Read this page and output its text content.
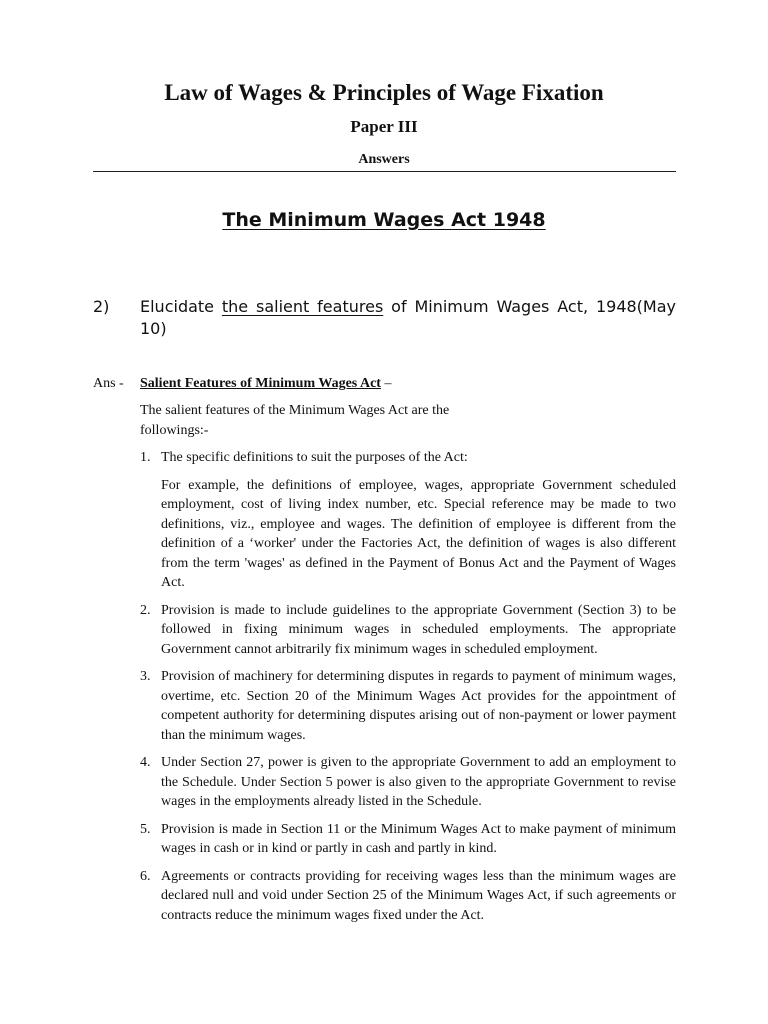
Law of Wages & Principles of Wage Fixation
Paper III
Answers
The Minimum Wages Act 1948
2) Elucidate the salient features of Minimum Wages Act, 1948(May 10)
Ans - Salient Features of Minimum Wages Act –
The salient features of the Minimum Wages Act are the followings:-
1. The specific definitions to suit the purposes of the Act:
For example, the definitions of employee, wages, appropriate Government scheduled employment, cost of living index number, etc. Special reference may be made to two definitions, viz., employee and wages. The definition of employee is different from the definition of a ‘worker' under the Factories Act, the definition of wages is also different from the term 'wages' as defined in the Payment of Bonus Act and the Payment of Wages Act.
2. Provision is made to include guidelines to the appropriate Government (Section 3) to be followed in fixing minimum wages in scheduled employments. The appropriate Government cannot arbitrarily fix minimum wages in scheduled employment.
3. Provision of machinery for determining disputes in regards to payment of minimum wages, overtime, etc. Section 20 of the Minimum Wages Act provides for the appointment of competent authority for determining disputes arising out of non-payment or lower payment than the minimum wages.
4. Under Section 27, power is given to the appropriate Government to add an employment to the Schedule. Under Section 5 power is also given to the appropriate Government to revise wages in the employments already listed in the Schedule.
5. Provision is made in Section 11 or the Minimum Wages Act to make payment of minimum wages in cash or in kind or partly in cash and partly in kind.
6. Agreements or contracts providing for receiving wages less than the minimum wages are declared null and void under Section 25 of the Minimum Wages Act, if such agreements or contracts reduce the minimum wages fixed under the Act.
